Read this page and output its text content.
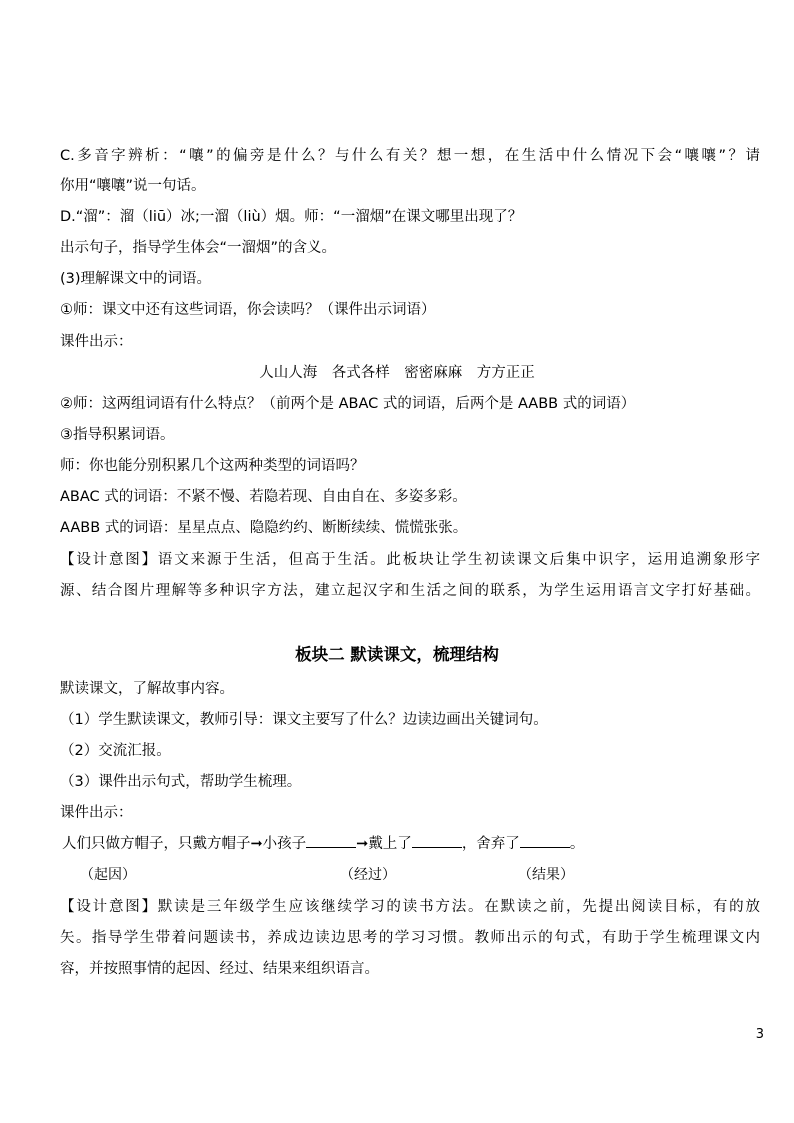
C.多音字辨析：“嚷”的偏旁是什么？与什么有关？想一想，在生活中什么情况下会“嚷嚷”？请
你用“嚷嚷”说一句话。
D.“溜”：溜（liū）冰;一溜（liù）烟。师：“一溜烟”在课文哪里出现了？
出示句子，指导学生体会“一溜烟”的含义。
(3)理解课文中的词语。
①师：课文中还有这些词语，你会读吗？（课件出示词语）
课件出示：
人山人海　各式各样　密密麻麻　方方正正
②师：这两组词语有什么特点？（前两个是 ABAC 式的词语，后两个是 AABB 式的词语）
③指导积累词语。
师：你也能分别积累几个这两种类型的词语吗？
ABAC 式的词语：不紧不慢、若隐若现、自由自在、多姿多彩。
AABB 式的词语：星星点点、隐隐约约、断断续续、慌慌张张。
【设计意图】语文来源于生活，但高于生活。此板块让学生初读课文后集中识字，运用追溯象形字
源、结合图片理解等多种识字方法，建立起汉字和生活之间的联系，为学生运用语言文字打好基础。
板块二 默读课文，梳理结构
默读课文，了解故事内容。
（1）学生默读课文，教师引导：课文主要写了什么？边读边画出关键词句。
（2）交流汇报。
（3）课件出示句式，帮助学生梳理。
课件出示：
人们只做方帽子，只戴方帽子➞小孩子	➞戴上了	，舍弃了	。
（起因）	（经过）	（结果）
【设计意图】默读是三年级学生应该继续学习的读书方法。在默读之前，先提出阅读目标，有的放
矢。指导学生带着问题读书，养成边读边思考的学习习惯。教师出示的句式，有助于学生梳理课文内
容，并按照事情的起因、经过、结果来组织语言。
3
